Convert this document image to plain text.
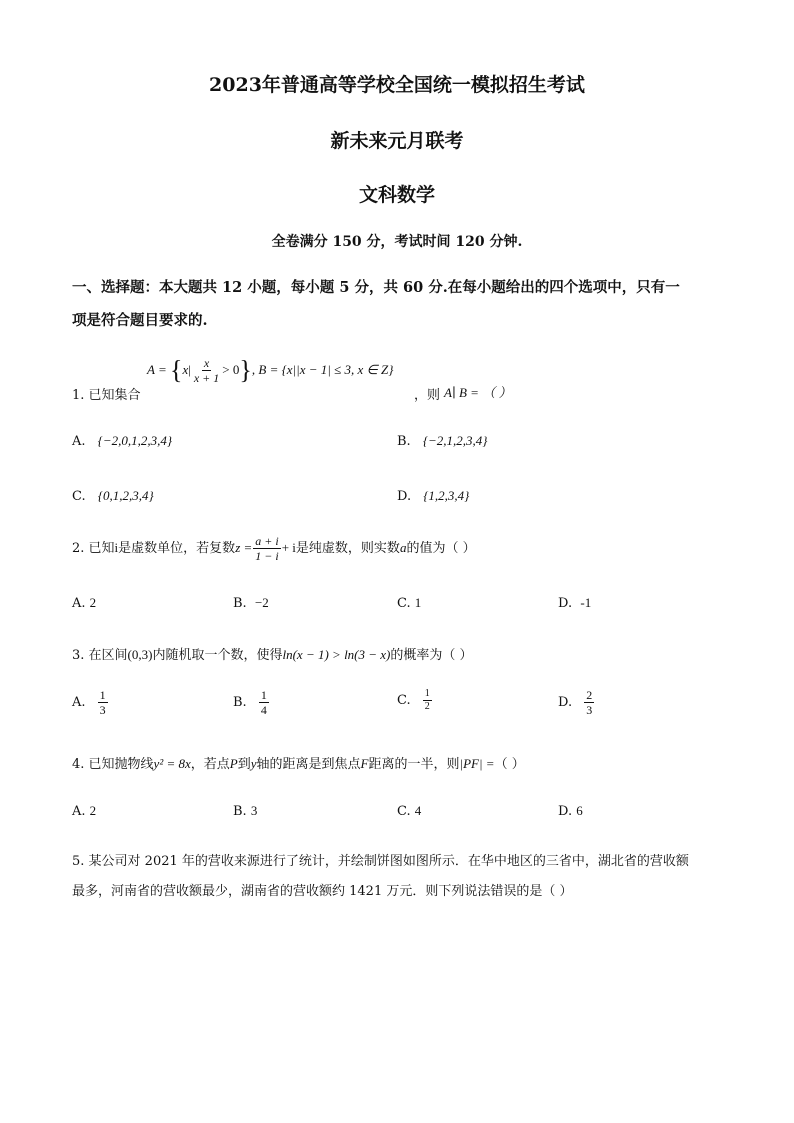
2023年普通高等学校全国统一模拟招生考试
新未来元月联考
文科数学
全卷满分 150 分，考试时间 120 分钟.
一、选择题：本大题共 12 小题，每小题 5 分，共 60 分.在每小题给出的四个选项中，只有一
项是符合题目要求的.
1. 已知集合
$A = \{x| \frac{x}{x + 1} > 0\}$, B = {x||x − 1| ≤ 3, x ∈ Z}
，则 A∣ B = （ ）
A. {−2,0,1,2,3,4}	B. {−2,1,2,3,4}
C. {0,1,2,3,4}	D. {1,2,3,4}
2. 已知i是虚数单位，若复数$z = \frac{a + i}{1 - i} + i$是纯虚数，则实数a的值为（ ）
A. 2	B. −2	C. 1	D. -1
3. 在区间(0,3)内随机取一个数，使得ln(x − 1) > ln(3 − x)的概率为（ ）
A. $\frac{1}{3}$	B. $\frac{1}{4}$	C. $\frac{1}{2}$	D. $\frac{2}{3}$
4. 已知抛物线y² = 8x，若点P到y轴的距离是到焦点F距离的一半，则|PF| =（ ）
A. 2	B. 3	C. 4	D. 6
5. 某公司对 2021 年的营收来源进行了统计，并绘制饼图如图所示．在华中地区的三省中，湖北省的营收额
最多，河南省的营收额最少，湖南省的营收额约 1421 万元．则下列说法错误的是（ ）
